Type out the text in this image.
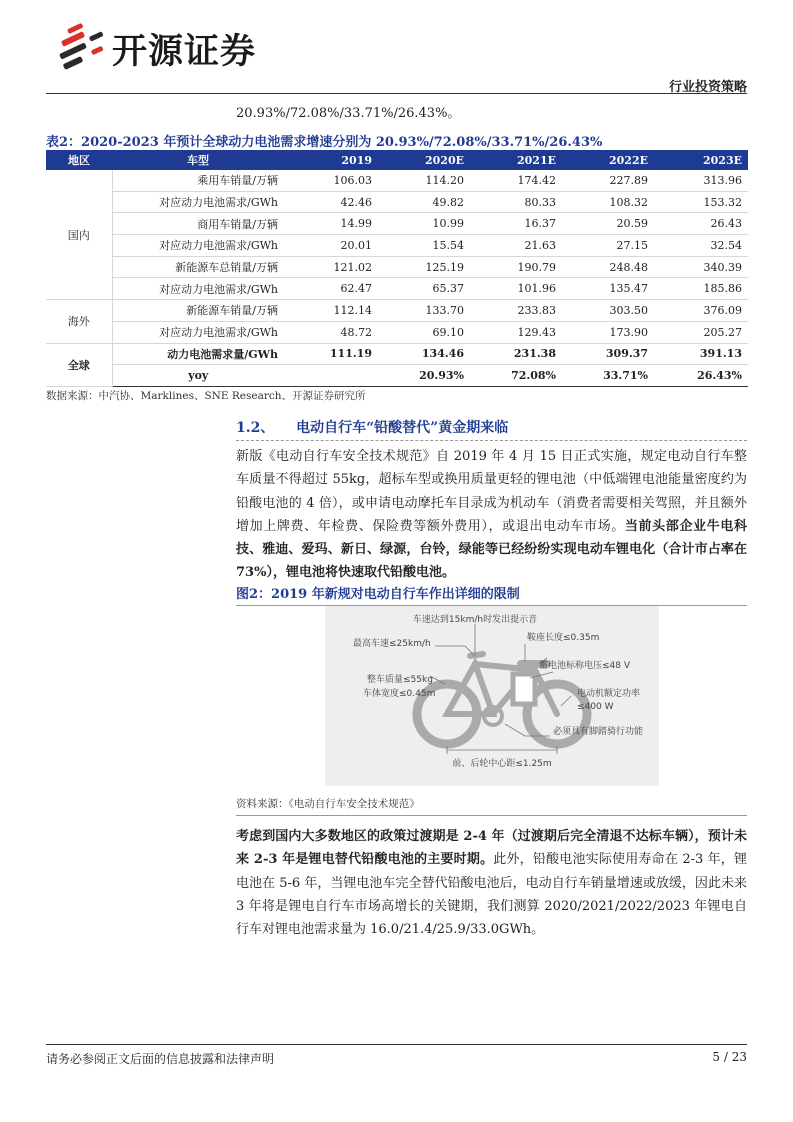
开源证券
行业投资策略
20.93%/72.08%/33.71%/26.43%。
表2：2020-2023 年预计全球动力电池需求增速分别为 20.93%/72.08%/33.71%/26.43%
地区	车型	2019	2020E	2021E	2022E	2023E
国内	乘用车销量/万辆	106.03	114.20	174.42	227.89	313.96
	对应动力电池需求/GWh	42.46	49.82	80.33	108.32	153.32
	商用车销量/万辆	14.99	10.99	16.37	20.59	26.43
	对应动力电池需求/GWh	20.01	15.54	21.63	27.15	32.54
	新能源车总销量/万辆	121.02	125.19	190.79	248.48	340.39
	对应动力电池需求/GWh	62.47	65.37	101.96	135.47	185.86
海外	新能源车销量/万辆	112.14	133.70	233.83	303.50	376.09
	对应动力电池需求/GWh	48.72	69.10	129.43	173.90	205.27
全球	动力电池需求量/GWh	111.19	134.46	231.38	309.37	391.13
	yoy		20.93%	72.08%	33.71%	26.43%
数据来源：中汽协、Marklines、SNE Research、开源证券研究所
1.2、 电动自行车“铅酸替代”黄金期来临
新版《电动自行车安全技术规范》自 2019 年 4 月 15 日正式实施，规定电动自行车整车质量不得超过 55kg，超标车型或换用质量更轻的锂电池（中低端锂电池能量密度约为铅酸电池的 4 倍），或申请电动摩托车目录成为机动车（消费者需要相关驾照，并且额外增加上牌费、年检费、保险费等额外费用），或退出电动车市场。当前头部企业牛电科技、雅迪、爱玛、新日、绿源，台铃，绿能等已经纷纷实现电动车锂电化（合计市占率在 73%），锂电池将快速取代铅酸电池。
图2：2019 年新规对电动自行车作出详细的限制
车速达到15km/h时发出提示音
最高车速≤25km/h
鞍座长度≤0.35m
蓄电池标称电压≤48 V
整车质量≤55kg
车体宽度≤0.45m	电动机额定功率
≤400 W
必须具有脚踏骑行功能
前、后轮中心距≤1.25m
资料来源：《电动自行车安全技术规范》
考虑到国内大多数地区的政策过渡期是 2-4 年（过渡期后完全清退不达标车辆），预计未来 2-3 年是锂电替代铅酸电池的主要时期。此外，铅酸电池实际使用寿命在 2-3 年，锂电池在 5-6 年，当锂电池车完全替代铅酸电池后，电动自行车销量增速或放缓，因此未来 3 年将是锂电自行车市场高增长的关键期，我们测算 2020/2021/2022/2023 年锂电自行车对锂电池需求量为 16.0/21.4/25.9/33.0GWh。
请务必参阅正文后面的信息披露和法律声明	5 / 23
